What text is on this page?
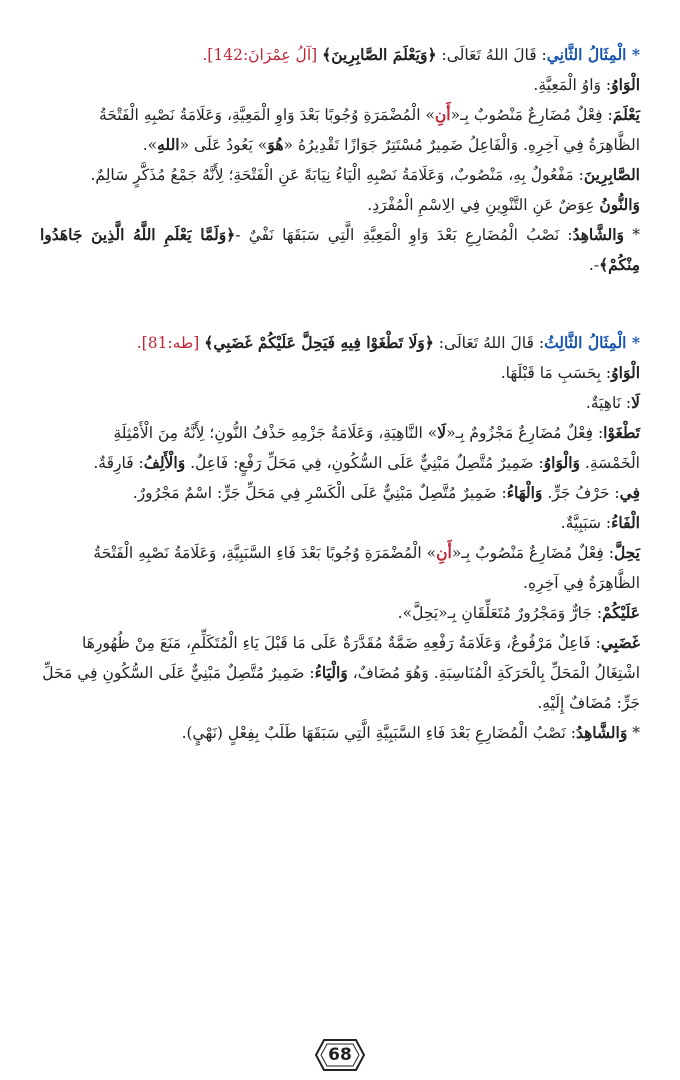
* الْمِثَالُ الثَّانِي: قَالَ اللهُ تَعَالَى: ﴿وَيَعْلَمَ الصَّابِرِينَ﴾ [آلُ عِمْرَانَ:142].

الْوَاوُ: وَاوُ الْمَعِيَّةِ.

يَعْلَمَ: فِعْلٌ مُضَارِعٌ مَنْصُوبٌ بِـ«أَنِ» الْمُضْمَرَةِ وُجُوبًا بَعْدَ وَاوِ الْمَعِيَّةِ، وَعَلَامَةُ نَصْبِهِ الْفَتْحَةُ

الظَّاهِرَةُ فِي آخِرِهِ. وَالْفَاعِلُ ضَمِيرٌ مُسْتَتِرٌ جَوَازًا تَقْدِيرُهُ «هُوَ» يَعُودُ عَلَى «اللهِ».

الصَّابِرِينَ: مَفْعُولٌ بِهِ، مَنْصُوبٌ، وَعَلَامَةُ نَصْبِهِ الْيَاءُ نِيَابَةً عَنِ الْفَتْحَةِ؛ لِأَنَّهُ جَمْعُ مُذَكَّرٍ سَالِمٌ.

وَالنُّونُ عِوَضٌ عَنِ التَّنْوِينِ فِي الِاسْمِ الْمُفْرَدِ.

* وَالشَّاهِدُ: نَصْبُ الْمُضَارِعِ بَعْدَ وَاوِ الْمَعِيَّةِ الَّتِي سَبَقَهَا نَفْيٌ -﴿وَلَمَّا يَعْلَمِ اللَّهُ الَّذِينَ جَاهَدُوا مِنْكُمْ﴾-.

* الْمِثَالُ الثَّالِثُ: قَالَ اللهُ تَعَالَى: ﴿وَلَا تَطْغَوْا فِيهِ فَيَحِلَّ عَلَيْكُمْ غَضَبِي﴾ [طه:81].

الْوَاوُ: بِحَسَبِ مَا قَبْلَهَا.

لَا: نَاهِيَةٌ.

تَطْغَوْا: فِعْلٌ مُضَارِعٌ مَجْزُومٌ بِـ«لَا» النَّاهِيَةِ، وَعَلَامَةُ جَزْمِهِ حَذْفُ النُّونِ؛ لِأَنَّهُ مِنَ الْأَمْثِلَةِ

الْخَمْسَةِ. وَالْوَاوُ: ضَمِيرٌ مُتَّصِلٌ مَبْنِيٌّ عَلَى السُّكُونِ، فِي مَحَلِّ رَفْعٍ: فَاعِلٌ. وَالْأَلِفُ: فَارِقَةٌ.

فِي: حَرْفُ جَرٍّ. وَالْهَاءُ: ضَمِيرٌ مُتَّصِلٌ مَبْنِيٌّ عَلَى الْكَسْرِ فِي مَحَلِّ جَرٍّ: اسْمٌ مَجْرُورٌ.

الْفَاءُ: سَبَبِيَّةٌ.

يَحِلَّ: فِعْلٌ مُضَارِعٌ مَنْصُوبٌ بِـ«أَنِ» الْمُضْمَرَةِ وُجُوبًا بَعْدَ فَاءِ السَّبَبِيَّةِ، وَعَلَامَةُ نَصْبِهِ الْفَتْحَةُ

الظَّاهِرَةُ فِي آخِرِهِ.

عَلَيْكُمْ: جَارٌّ وَمَجْرُورٌ مُتَعَلِّقَانِ بِـ«يَحِلَّ».

غَضَبِي: فَاعِلٌ مَرْفُوعٌ، وَعَلَامَةُ رَفْعِهِ ضَمَّةٌ مُقَدَّرَةٌ عَلَى مَا قَبْلَ يَاءِ الْمُتَكَلِّمِ، مَنَعَ مِنْ ظُهُورِهَا

اشْتِغَالُ الْمَحَلِّ بِالْحَرَكَةِ الْمُنَاسِبَةِ. وَهُوَ مُضَافٌ، وَالْيَاءُ: ضَمِيرٌ مُتَّصِلٌ مَبْنِيٌّ عَلَى السُّكُونِ فِي مَحَلِّ

جَرٍّ: مُضَافٌ إِلَيْهِ.

* وَالشَّاهِدُ: نَصْبُ الْمُضَارِعِ بَعْدَ فَاءِ السَّبَبِيَّةِ الَّتِي سَبَقَهَا طَلَبٌ بِفِعْلٍ (نَهْيٍ).

68
